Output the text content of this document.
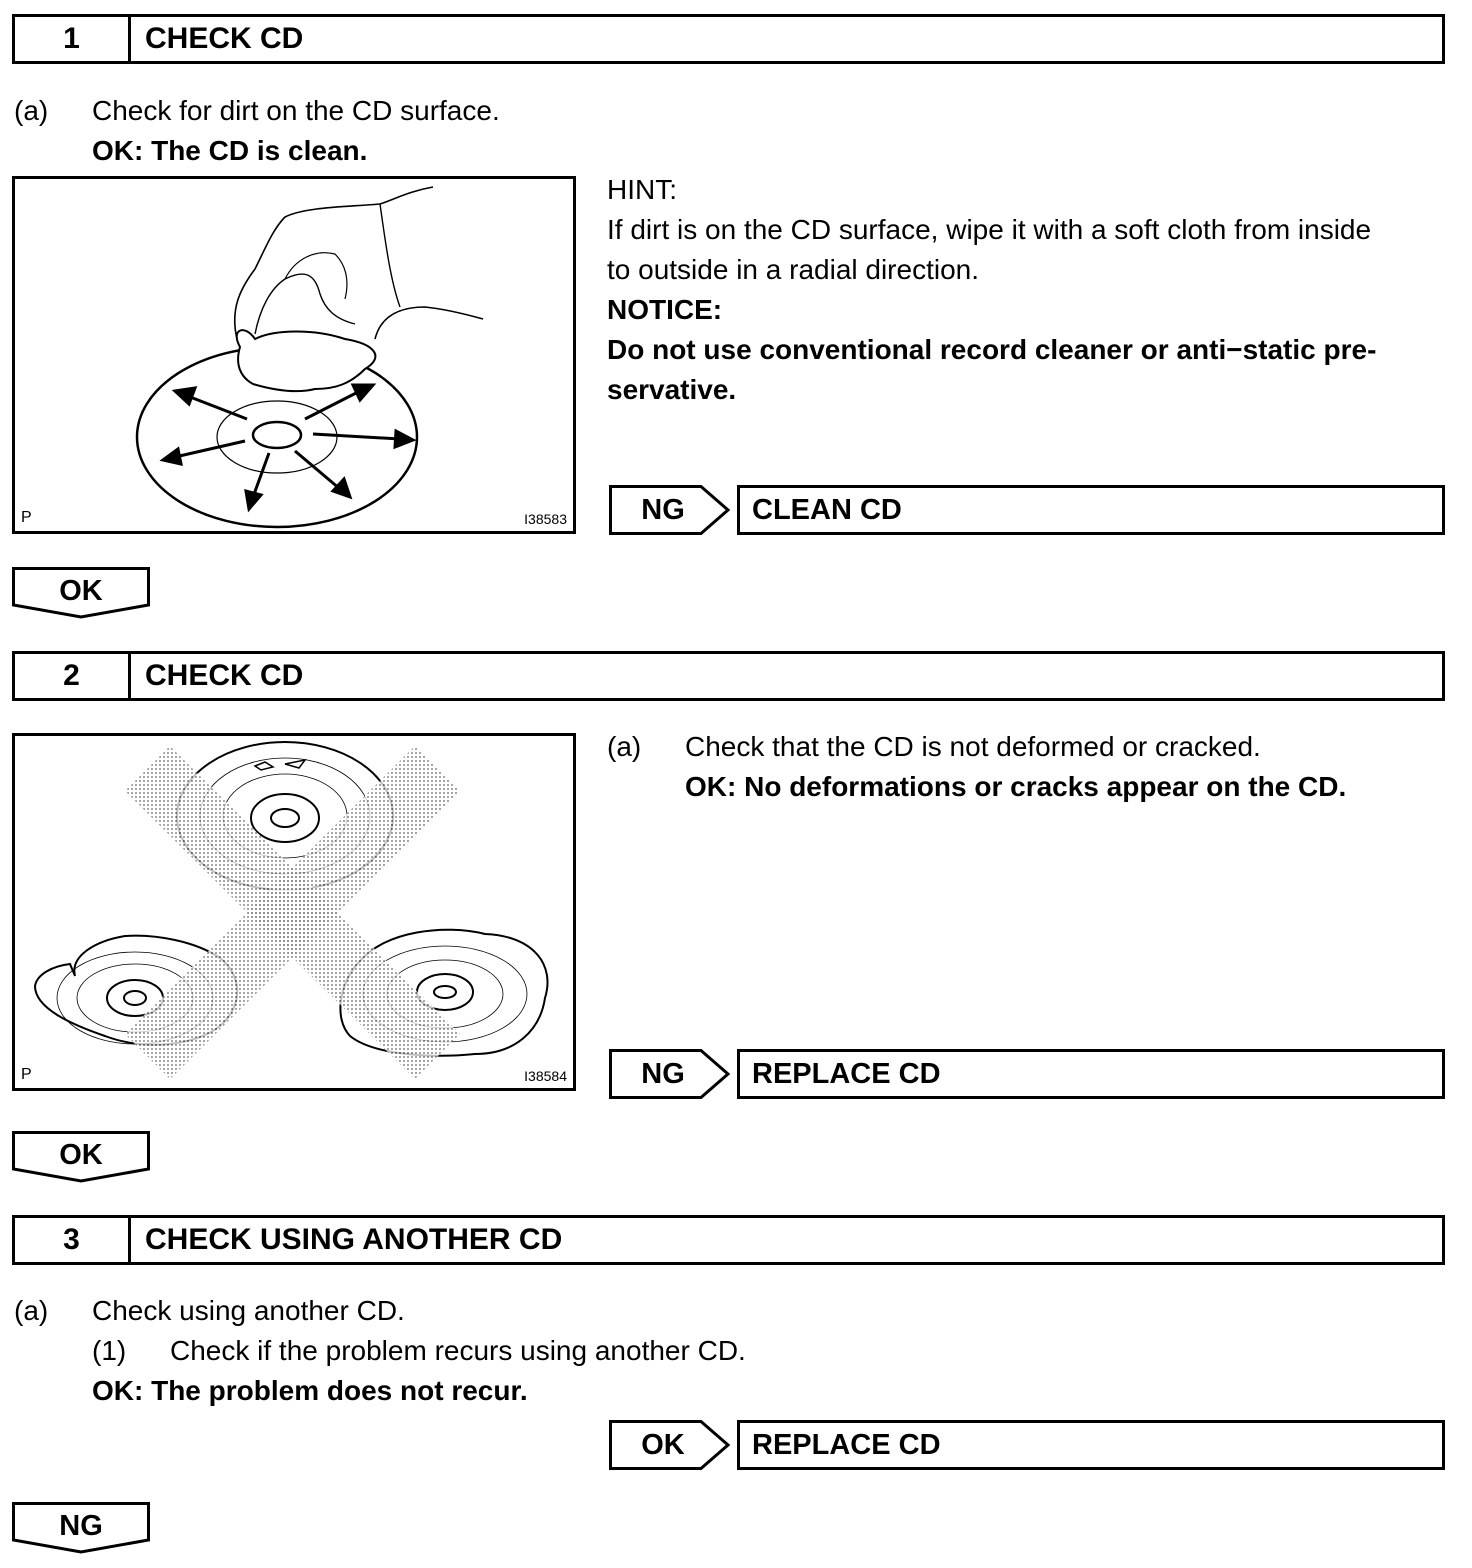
1	CHECK CD
(a) Check for dirt on the CD surface.
OK: The CD is clean.
P	I38583
HINT:
If dirt is on the CD surface, wipe it with a soft cloth from inside
to outside in a radial direction.
NOTICE:
Do not use conventional record cleaner or anti−static pre-
servative.
NG	CLEAN CD
OK
2	CHECK CD
P	I38584
(a) Check that the CD is not deformed or cracked.
OK: No deformations or cracks appear on the CD.
NG	REPLACE CD
OK
3	CHECK USING ANOTHER CD
(a) Check using another CD.
(1) Check if the problem recurs using another CD.
OK: The problem does not recur.
OK	REPLACE CD
NG
